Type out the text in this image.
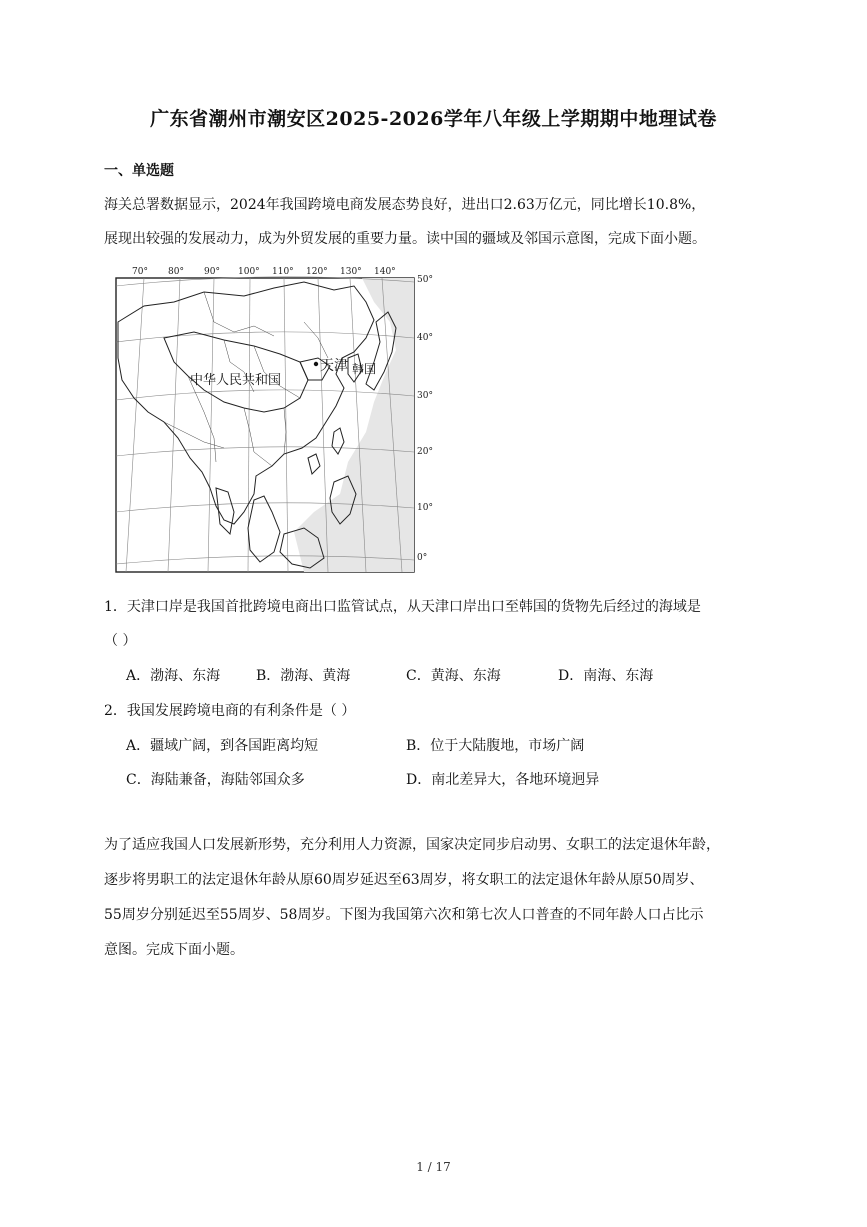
广东省潮州市潮安区2025-2026学年八年级上学期期中地理试卷
一、单选题
海关总署数据显示，2024年我国跨境电商发展态势良好，进出口2.63万亿元，同比增长10.8%，
展现出较强的发展动力，成为外贸发展的重要力量。读中国的疆域及邻国示意图，完成下面小题。
70° 80° 90° 100° 110° 120° 130° 140°
50°
40°
30°
20°
10°
0°
中华人民共和国
天津 韩国
1．天津口岸是我国首批跨境电商出口监管试点，从天津口岸出口至韩国的货物先后经过的海域是
（ ）
A．渤海、东海	B．渤海、黄海	C．黄海、东海	D．南海、东海
2．我国发展跨境电商的有利条件是（ ）
A．疆域广阔，到各国距离均短	B．位于大陆腹地，市场广阔
C．海陆兼备，海陆邻国众多	D．南北差异大，各地环境迥异
为了适应我国人口发展新形势，充分利用人力资源，国家决定同步启动男、女职工的法定退休年龄，
逐步将男职工的法定退休年龄从原60周岁延迟至63周岁，将女职工的法定退休年龄从原50周岁、
55周岁分别延迟至55周岁、58周岁。下图为我国第六次和第七次人口普查的不同年龄人口占比示
意图。完成下面小题。
1 / 17
